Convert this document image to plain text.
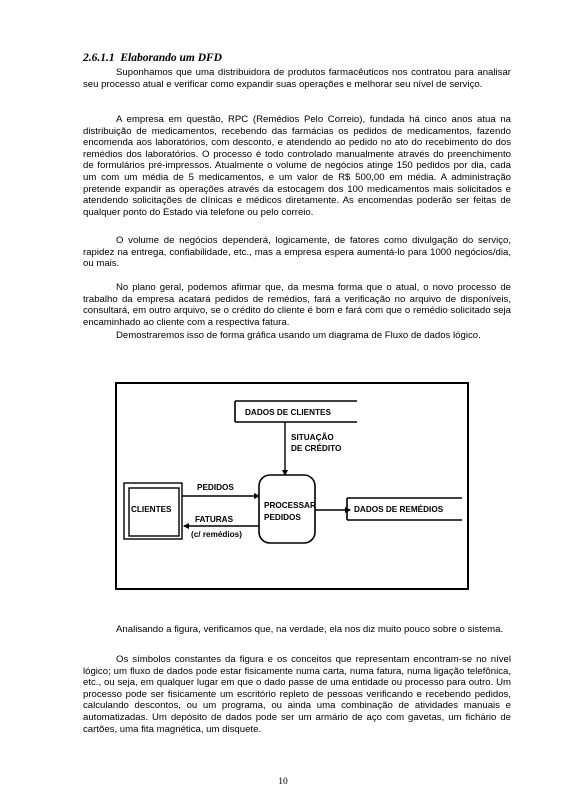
2.6.1.1 Elaborando um DFD

Suponhamos que uma distribuidora de produtos farmacêuticos nos contratou para analisar seu processo atual e verificar como expandir suas operações e melhorar seu nível de serviço.

A empresa em questão, RPC (Remédios Pelo Correio), fundada há cinco anos atua na distribuição de medicamentos, recebendo das farmácias os pedidos de medicamentos, fazendo encomenda aos laboratórios, com desconto, e atendendo ao pedido no ato do recebimento do dos remédios dos laboratórios. O processo é todo controlado manualmente através do preenchimento de formulários pré-impressos. Atualmente o volume de negócios atinge 150 pedidos por dia, cada um com um média de 5 medicamentos, e um valor de R$ 500,00 em média. A administração pretende expandir as operações através da estocagem dos 100 medicamentos mais solicitados e atendendo solicitações de clínicas e médicos diretamente. As encomendas poderão ser feitas de qualquer ponto do Estado via telefone ou pelo correio.

O volume de negócios dependerá, logicamente, de fatores como divulgação do serviço, rapidez na entrega, confiabilidade, etc., mas a empresa espera aumentá-lo para 1000 negócios/dia, ou mais.

No plano geral, podemos afirmar que, da mesma forma que o atual, o novo processo de trabalho da empresa acatará pedidos de remédios, fará a verificação no arquivo de disponíveis, consultará, em outro arquivo, se o crédito do cliente é bom e fará com que o remédio solicitado seja encaminhado ao cliente com a respectiva fatura.

Demostraremos isso de forma gráfica usando um diagrama de Fluxo de dados lógico.

DADOS DE CLIENTES
SITUAÇÃO
DE CRÉDITO
CLIENTES
PEDIDOS
FATURAS
(c/ remédios)
PROCESSAR
PEDIDOS
DADOS DE REMÉDIOS

Analisando a figura, verificamos que, na verdade, ela nos diz muito pouco sobre o sistema.

Os símbolos constantes da figura e os conceitos que representam encontram-se no nível lógico; um fluxo de dados pode estar fisicamente numa carta, numa fatura, numa ligação telefônica, etc., ou seja, em qualquer lugar em que o dado passe de uma entidade ou processo para outro. Um processo pode ser fisicamente um escritório repleto de pessoas verificando e recebendo pedidos, calculando descontos, ou um programa, ou ainda uma combinação de atividades manuais e automatizadas. Um depósito de dados pode ser um armário de aço com gavetas, um fichário de cartões, uma fita magnética, um disquete.

10
